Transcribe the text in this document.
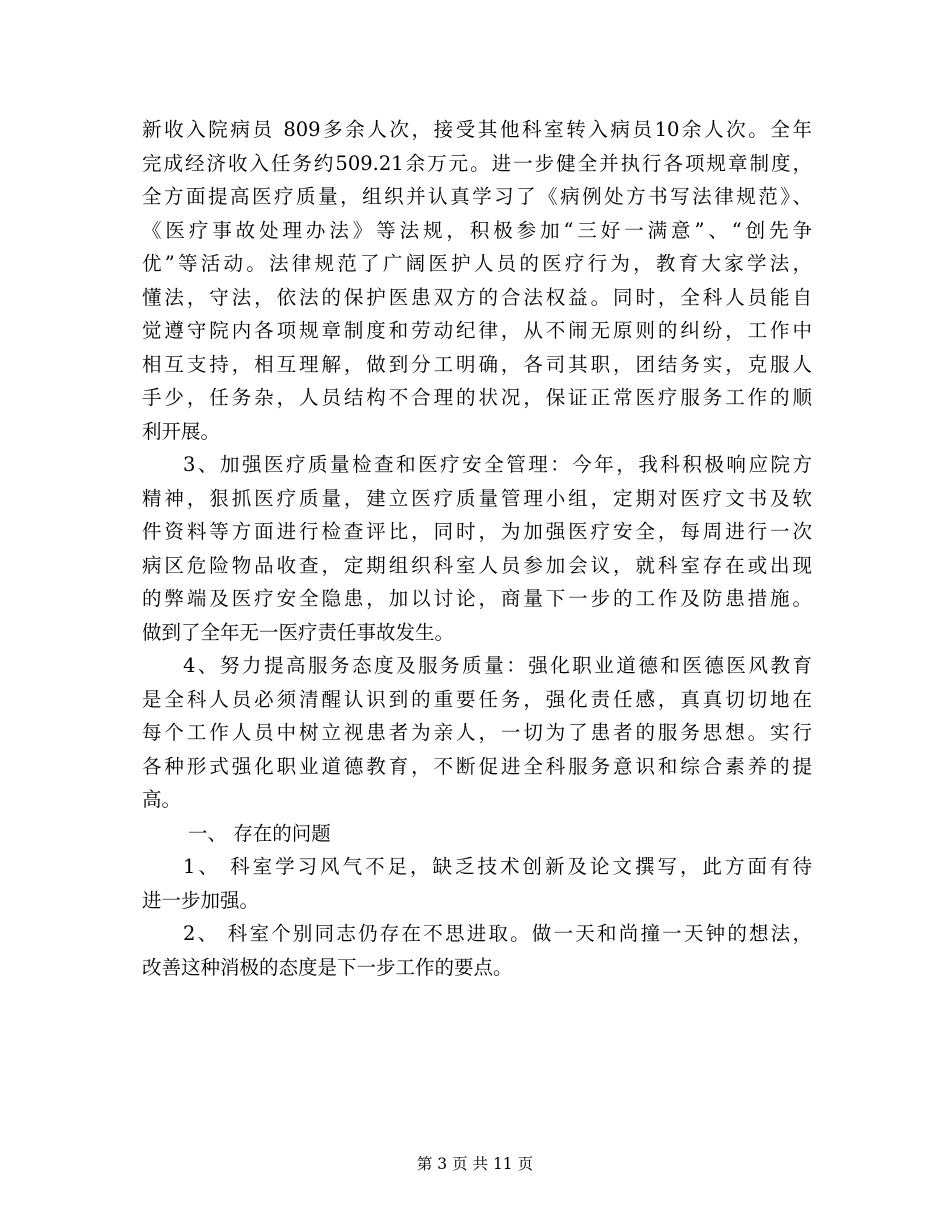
新收入院病员 809多余人次，接受其他科室转入病员10余人次。全年
完成经济收入任务约509.21余万元。进一步健全并执行各项规章制度，
全方面提高医疗质量，组织并认真学习了《病例处方书写法律规范》、
《医疗事故处理办法》等法规，积极参加“三好一满意”、“创先争
优”等活动。法律规范了广阔医护人员的医疗行为，教育大家学法，
懂法，守法，依法的保护医患双方的合法权益。同时，全科人员能自
觉遵守院内各项规章制度和劳动纪律，从不闹无原则的纠纷，工作中
相互支持，相互理解，做到分工明确，各司其职，团结务实，克服人
手少，任务杂，人员结构不合理的状况，保证正常医疗服务工作的顺
利开展。
3、加强医疗质量检查和医疗安全管理：今年，我科积极响应院方
精神，狠抓医疗质量，建立医疗质量管理小组，定期对医疗文书及软
件资料等方面进行检查评比，同时，为加强医疗安全，每周进行一次
病区危险物品收查，定期组织科室人员参加会议，就科室存在或出现
的弊端及医疗安全隐患，加以讨论，商量下一步的工作及防患措施。
做到了全年无一医疗责任事故发生。
4、努力提高服务态度及服务质量：强化职业道德和医德医风教育
是全科人员必须清醒认识到的重要任务，强化责任感，真真切切地在
每个工作人员中树立视患者为亲人，一切为了患者的服务思想。实行
各种形式强化职业道德教育，不断促进全科服务意识和综合素养的提
高。
一、 存在的问题
1、 科室学习风气不足，缺乏技术创新及论文撰写，此方面有待
进一步加强。
2、 科室个别同志仍存在不思进取。做一天和尚撞一天钟的想法，
改善这种消极的态度是下一步工作的要点。
第 3 页 共 11 页
